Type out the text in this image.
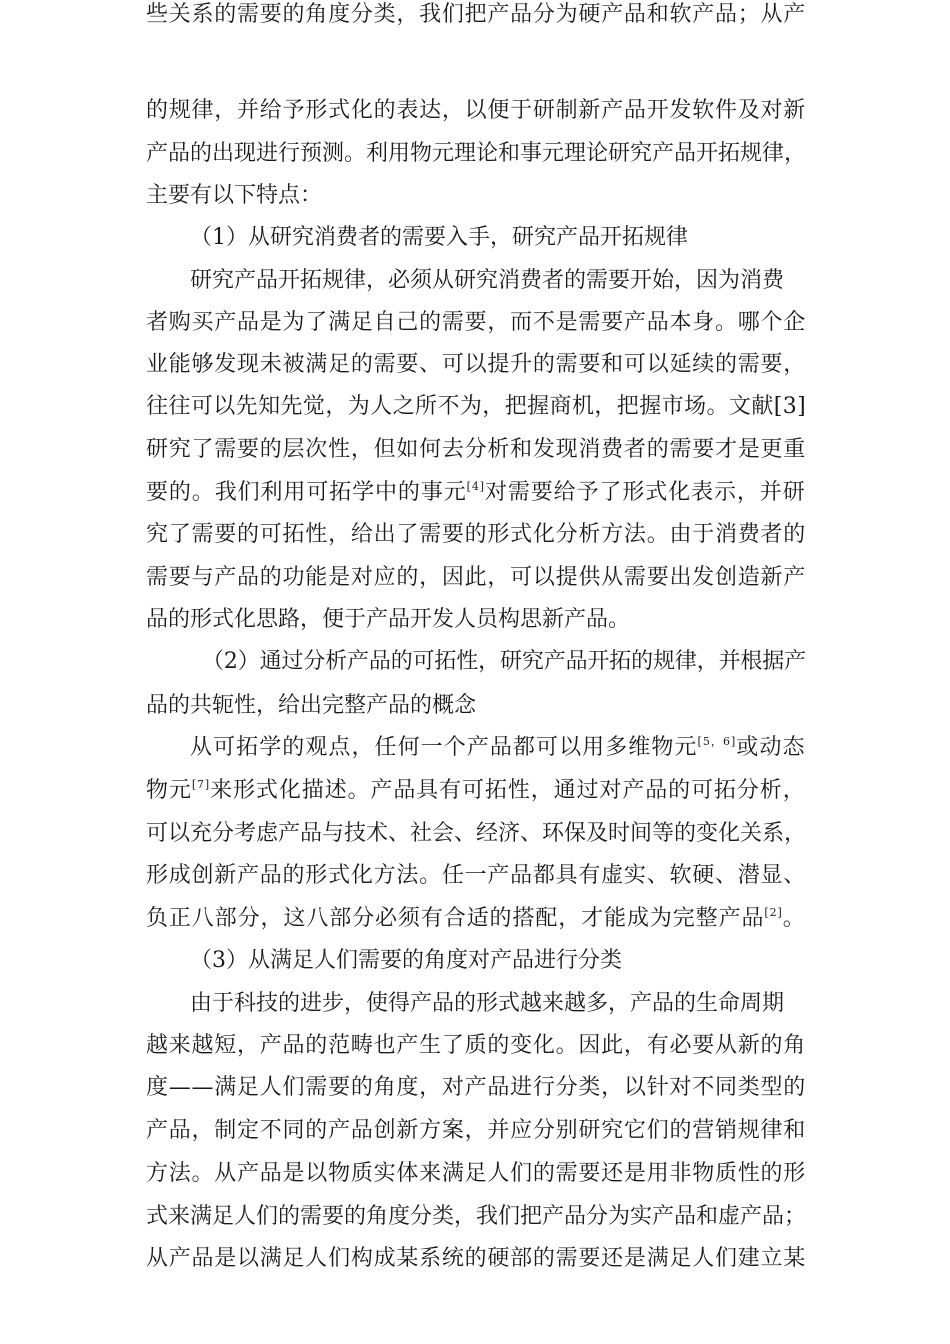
的规律，并给予形式化的表达，以便于研制新产品开发软件及对新
产品的出现进行预测。利用物元理论和事元理论研究产品开拓规律，
主要有以下特点：
（1）从研究消费者的需要入手，研究产品开拓规律
研究产品开拓规律，必须从研究消费者的需要开始，因为消费
者购买产品是为了满足自己的需要，而不是需要产品本身。哪个企
业能够发现未被满足的需要、可以提升的需要和可以延续的需要，
往往可以先知先觉，为人之所不为，把握商机，把握市场。文献[3]
研究了需要的层次性，但如何去分析和发现消费者的需要才是更重
要的。我们利用可拓学中的事元[4]对需要给予了形式化表示，并研
究了需要的可拓性，给出了需要的形式化分析方法。由于消费者的
需要与产品的功能是对应的，因此，可以提供从需要出发创造新产
品的形式化思路，便于产品开发人员构思新产品。
（2）通过分析产品的可拓性，研究产品开拓的规律，并根据产
品的共轭性，给出完整产品的概念
从可拓学的观点，任何一个产品都可以用多维物元[5，6]或动态
物元[7]来形式化描述。产品具有可拓性，通过对产品的可拓分析，
可以充分考虑产品与技术、社会、经济、环保及时间等的变化关系，
形成创新产品的形式化方法。任一产品都具有虚实、软硬、潜显、
负正八部分，这八部分必须有合适的搭配，才能成为完整产品[2]。
（3）从满足人们需要的角度对产品进行分类
由于科技的进步，使得产品的形式越来越多，产品的生命周期
越来越短，产品的范畴也产生了质的变化。因此，有必要从新的角
度——满足人们需要的角度，对产品进行分类，以针对不同类型的
产品，制定不同的产品创新方案，并应分别研究它们的营销规律和
方法。从产品是以物质实体来满足人们的需要还是用非物质性的形
式来满足人们的需要的角度分类，我们把产品分为实产品和虚产品；
从产品是以满足人们构成某系统的硬部的需要还是满足人们建立某
些关系的需要的角度分类，我们把产品分为硬产品和软产品；从产
